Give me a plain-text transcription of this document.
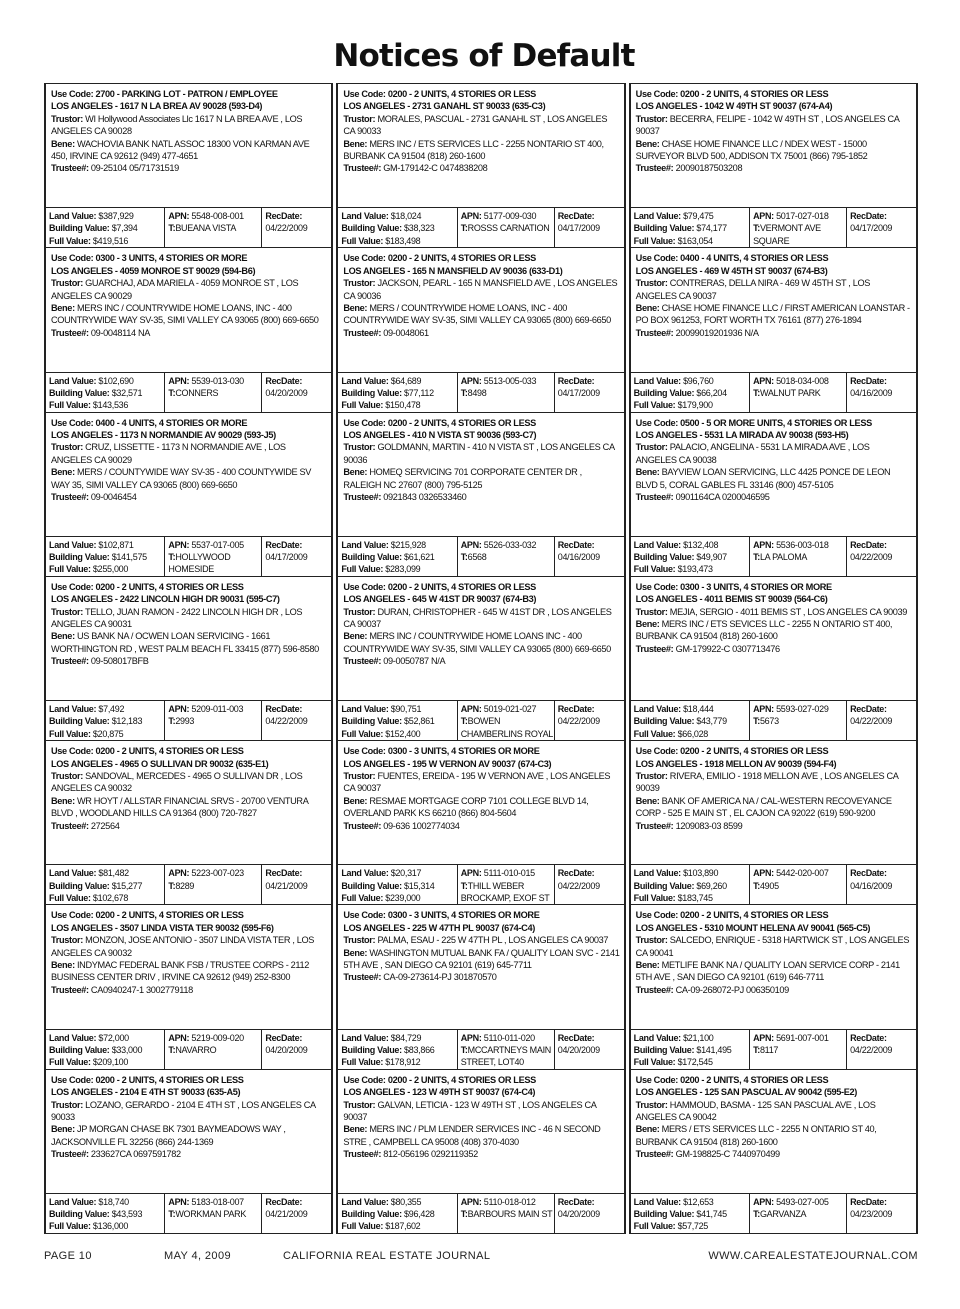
Notices of Default
Use Code: 2700 - PARKING LOT - PATRON / EMPLOYEE
LOS ANGELES - 1617 N LA BREA AV 90028 (593-D4)
Trustor: WI Hollywood Associates Llc 1617 N LA BREA AVE , LOS ANGELES CA 90028
Bene: WACHOVIA BANK NATL ASSOC 18300 VON KARMAN AVE 450, IRVINE CA 92612 (949) 477-4651
Trustee#: 09-25104 05/71731519
Land Value: $387,929
Building Value: $7,394
Full Value: $419,516
APN: 5548-008-001
T:BUEANA VISTA
RecDate:
04/22/2009
Use Code: 0200 - 2 UNITS, 4 STORIES OR LESS
LOS ANGELES - 2731 GANAHL ST 90033 (635-C3)
Trustor: MORALES, PASCUAL - 2731 GANAHL ST , LOS ANGELES CA 90033
Bene: MERS INC / ETS SERVICES LLC - 2255 NONTARIO ST 400, BURBANK CA 91504 (818) 260-1600
Trustee#: GM-179142-C 0474838208
Land Value: $18,024
Building Value: $38,323
Full Value: $183,498
APN: 5177-009-030
T:ROSSS CARNATION
RecDate:
04/17/2009
Use Code: 0200 - 2 UNITS, 4 STORIES OR LESS
LOS ANGELES - 1042 W 49TH ST 90037 (674-A4)
Trustor: BECERRA, FELIPE - 1042 W 49TH ST , LOS ANGELES CA 90037
Bene: CHASE HOME FINANCE LLC / NDEX WEST - 15000 SURVEYOR BLVD 500, ADDISON TX 75001 (866) 795-1852
Trustee#: 20090187503208
Land Value: $79,475
Building Value: $74,177
Full Value: $163,054
APN: 5017-027-018
T:VERMONT AVE SQUARE
RecDate:
04/17/2009
Use Code: 0300 - 3 UNITS, 4 STORIES OR MORE
LOS ANGELES - 4059 MONROE ST 90029 (594-B6)
Trustor: GUARCHAJ, ADA MARIELA - 4059 MONROE ST , LOS ANGELES CA 90029
Bene: MERS INC / COUNTRYWIDE HOME LOANS, INC - 400 COUNTRYWIDE WAY SV-35, SIMI VALLEY CA 93065 (800) 669-6650
Trustee#: 09-0048114 NA
Land Value: $102,690
Building Value: $32,571
Full Value: $143,536
APN: 5539-013-030
T:CONNERS
RecDate:
04/20/2009
Use Code: 0200 - 2 UNITS, 4 STORIES OR LESS
LOS ANGELES - 165 N MANSFIELD AV 90036 (633-D1)
Trustor: JACKSON, PEARL - 165 N MANSFIELD AVE , LOS ANGELES CA 90036
Bene: MERS / COUNTRYWIDE HOME LOANS, INC - 400 COUNTRYWIDE WAY SV-35, SIMI VALLEY CA 93065 (800) 669-6650
Trustee#: 09-0048061
Land Value: $64,689
Building Value: $77,112
Full Value: $150,478
APN: 5513-005-033
T:8498
RecDate:
04/17/2009
Use Code: 0400 - 4 UNITS, 4 STORIES OR LESS
LOS ANGELES - 469 W 45TH ST 90037 (674-B3)
Trustor: CONTRERAS, DELLA NIRA - 469 W 45TH ST , LOS ANGELES CA 90037
Bene: CHASE HOME FINANCE LLC / FIRST AMERICAN LOANSTAR - PO BOX 961253, FORT WORTH TX 76161 (877) 276-1894
Trustee#: 20099019201936 N/A
Land Value: $96,760
Building Value: $66,204
Full Value: $179,900
APN: 5018-034-008
T:WALNUT PARK
RecDate:
04/16/2009
Use Code: 0400 - 4 UNITS, 4 STORIES OR MORE
LOS ANGELES - 1173 N NORMANDIE AV 90029 (593-J5)
Trustor: CRUZ, LISSETTE - 1173 N NORMANDIE AVE , LOS ANGELES CA 90029
Bene: MERS / COUNTYWIDE WAY SV-35 - 400 COUNTYWIDE SV WAY 35, SIMI VALLEY CA 93065 (800) 669-6650
Trustee#: 09-0046454
Land Value: $102,871
Building Value: $141,575
Full Value: $255,000
APN: 5537-017-005
T:HOLLYWOOD HOMESIDE
RecDate:
04/17/2009
Use Code: 0200 - 2 UNITS, 4 STORIES OR LESS
LOS ANGELES - 410 N VISTA ST 90036 (593-C7)
Trustor: GOLDMANN, MARTIN - 410 N VISTA ST , LOS ANGELES CA 90036
Bene: HOMEQ SERVICING 701 CORPORATE CENTER DR , RALEIGH NC 27607 (800) 795-5125
Trustee#: 0921843 0326533460
Land Value: $215,928
Building Value: $61,621
Full Value: $283,099
APN: 5526-033-032
T:6568
RecDate:
04/16/2009
Use Code: 0500 - 5 OR MORE UNITS, 4 STORIES OR LESS
LOS ANGELES - 5531 LA MIRADA AV 90038 (593-H5)
Trustor: PALACIO, ANGELINA - 5531 LA MIRADA AVE , LOS ANGELES CA 90038
Bene: BAYVIEW LOAN SERVICING, LLC 4425 PONCE DE LEON BLVD 5, CORAL GABLES FL 33146 (800) 457-5105
Trustee#: 0901164CA 0200046595
Land Value: $132,408
Building Value: $49,907
Full Value: $193,473
APN: 5536-003-018
T:LA PALOMA
RecDate:
04/22/2009
Use Code: 0200 - 2 UNITS, 4 STORIES OR LESS
LOS ANGELES - 2422 LINCOLN HIGH DR 90031 (595-C7)
Trustor: TELLO, JUAN RAMON - 2422 LINCOLN HIGH DR , LOS ANGELES CA 90031
Bene: US BANK NA / OCWEN LOAN SERVICING - 1661 WORTHINGTON RD , WEST PALM BEACH FL 33415 (877) 596-8580
Trustee#: 09-508017BFB
Land Value: $7,492
Building Value: $12,183
Full Value: $20,875
APN: 5209-011-003
T:2993
RecDate:
04/22/2009
Use Code: 0200 - 2 UNITS, 4 STORIES OR LESS
LOS ANGELES - 645 W 41ST DR 90037 (674-B3)
Trustor: DURAN, CHRISTOPHER - 645 W 41ST DR , LOS ANGELES CA 90037
Bene: MERS INC / COUNTRYWIDE HOME LOANS INC - 400 COUNTRYWIDE WAY SV-35, SIMI VALLEY CA 93065 (800) 669-6650
Trustee#: 09-0050787 N/A
Land Value: $90,751
Building Value: $52,861
Full Value: $152,400
APN: 5019-021-027
T:BOWEN CHAMBERLINS ROYAL
RecDate:
04/22/2009
Use Code: 0300 - 3 UNITS, 4 STORIES OR MORE
LOS ANGELES - 4011 BEMIS ST 90039 (564-C6)
Trustor: MEJIA, SERGIO - 4011 BEMIS ST , LOS ANGELES CA 90039
Bene: MERS INC / ETS SEVICES LLC - 2255 N ONTARIO ST 400, BURBANK CA 91504 (818) 260-1600
Trustee#: GM-179922-C 0307713476
Land Value: $18,444
Building Value: $43,779
Full Value: $66,028
APN: 5593-027-029
T:5673
RecDate:
04/22/2009
Use Code: 0200 - 2 UNITS, 4 STORIES OR LESS
LOS ANGELES - 4965 O SULLIVAN DR 90032 (635-E1)
Trustor: SANDOVAL, MERCEDES - 4965 O SULLIVAN DR , LOS ANGELES CA 90032
Bene: WR HOYT / ALLSTAR FINANCIAL SRVS - 20700 VENTURA BLVD , WOODLAND HILLS CA 91364 (800) 720-7827
Trustee#: 272564
Land Value: $81,482
Building Value: $15,277
Full Value: $102,678
APN: 5223-007-023
T:8289
RecDate:
04/21/2009
Use Code: 0300 - 3 UNITS, 4 STORIES OR MORE
LOS ANGELES - 195 W VERNON AV 90037 (674-C3)
Trustor: FUENTES, EREIDA - 195 W VERNON AVE , LOS ANGELES CA 90037
Bene: RESMAE MORTGAGE CORP 7101 COLLEGE BLVD 14, OVERLAND PARK KS 66210 (866) 804-5604
Trustee#: 09-636 1002774034
Land Value: $20,317
Building Value: $15,314
Full Value: $239,000
APN: 5111-010-015
T:THILL WEBER BROCKAMP, EXOF ST
RecDate:
04/22/2009
Use Code: 0200 - 2 UNITS, 4 STORIES OR LESS
LOS ANGELES - 1918 MELLON AV 90039 (594-F4)
Trustor: RIVERA, EMILIO - 1918 MELLON AVE , LOS ANGELES CA 90039
Bene: BANK OF AMERICA NA / CAL-WESTERN RECOVEYANCE CORP - 525 E MAIN ST , EL CAJON CA 92022 (619) 590-9200
Trustee#: 1209083-03 8599
Land Value: $103,890
Building Value: $69,260
Full Value: $183,745
APN: 5442-020-007
T:4905
RecDate:
04/16/2009
Use Code: 0200 - 2 UNITS, 4 STORIES OR LESS
LOS ANGELES - 3507 LINDA VISTA TER 90032 (595-F6)
Trustor: MONZON, JOSE ANTONIO - 3507 LINDA VISTA TER , LOS ANGELES CA 90032
Bene: INDYMAC FEDERAL BANK FSB / TRUSTEE CORPS - 2112 BUSINESS CENTER DRIV , IRVINE CA 92612 (949) 252-8300
Trustee#: CA0940247-1 3002779118
Land Value: $72,000
Building Value: $33,000
Full Value: $209,100
APN: 5219-009-020
T:NAVARRO
RecDate:
04/20/2009
Use Code: 0300 - 3 UNITS, 4 STORIES OR MORE
LOS ANGELES - 225 W 47TH PL 90037 (674-C4)
Trustor: PALMA, ESAU - 225 W 47TH PL , LOS ANGELES CA 90037
Bene: WASHINGTON MUTUAL BANK FA / QUALITY LOAN SVC - 2141 5TH AVE , SAN DIEGO CA 92101 (619) 645-7711
Trustee#: CA-09-273614-PJ 301870570
Land Value: $84,729
Building Value: $83,866
Full Value: $178,912
APN: 5110-011-020
T:MCCARTNEYS MAIN STREET, LOT40
RecDate:
04/20/2009
Use Code: 0200 - 2 UNITS, 4 STORIES OR LESS
LOS ANGELES - 5310 MOUNT HELENA AV 90041 (565-C5)
Trustor: SALCEDO, ENRIQUE - 5318 HARTWICK ST , LOS ANGELES CA 90041
Bene: METLIFE BANK NA / QUALITY LOAN SERVICE CORP - 2141 5TH AVE , SAN DIEGO CA 92101 (619) 646-7711
Trustee#: CA-09-268072-PJ 006350109
Land Value: $21,100
Building Value: $141,495
Full Value: $172,545
APN: 5691-007-001
T:8117
RecDate:
04/22/2009
Use Code: 0200 - 2 UNITS, 4 STORIES OR LESS
LOS ANGELES - 2104 E 4TH ST 90033 (635-A5)
Trustor: LOZANO, GERARDO - 2104 E 4TH ST , LOS ANGELES CA 90033
Bene: JP MORGAN CHASE BK 7301 BAYMEADOWS WAY , JACKSONVILLE FL 32256 (866) 244-1369
Trustee#: 233627CA 0697591782
Land Value: $18,740
Building Value: $43,593
Full Value: $136,000
APN: 5183-018-007
T:WORKMAN PARK
RecDate:
04/21/2009
Use Code: 0200 - 2 UNITS, 4 STORIES OR LESS
LOS ANGELES - 123 W 49TH ST 90037 (674-C4)
Trustor: GALVAN, LETICIA - 123 W 49TH ST , LOS ANGELES CA 90037
Bene: MERS INC / PLM LENDER SERVICES INC - 46 N SECOND STRE , CAMPBELL CA 95008 (408) 370-4030
Trustee#: 812-056196 0292119352
Land Value: $80,355
Building Value: $96,428
Full Value: $187,602
APN: 5110-018-012
T:BARBOURS MAIN ST
RecDate:
04/20/2009
Use Code: 0200 - 2 UNITS, 4 STORIES OR LESS
LOS ANGELES - 125 SAN PASCUAL AV 90042 (595-E2)
Trustor: HAMMOUD, BASMA - 125 SAN PASCUAL AVE , LOS ANGELES CA 90042
Bene: MERS / ETS SERVICES LLC - 2255 N ONTARIO ST 40, BURBANK CA 91504 (818) 260-1600
Trustee#: GM-198825-C 7440970499
Land Value: $12,653
Building Value: $41,745
Full Value: $57,725
APN: 5493-027-005
T:GARVANZA
RecDate:
04/23/2009
PAGE 10	MAY 4, 2009	CALIFORNIA REAL ESTATE JOURNAL	WWW.CAREALESTATEJOURNAL.COM
